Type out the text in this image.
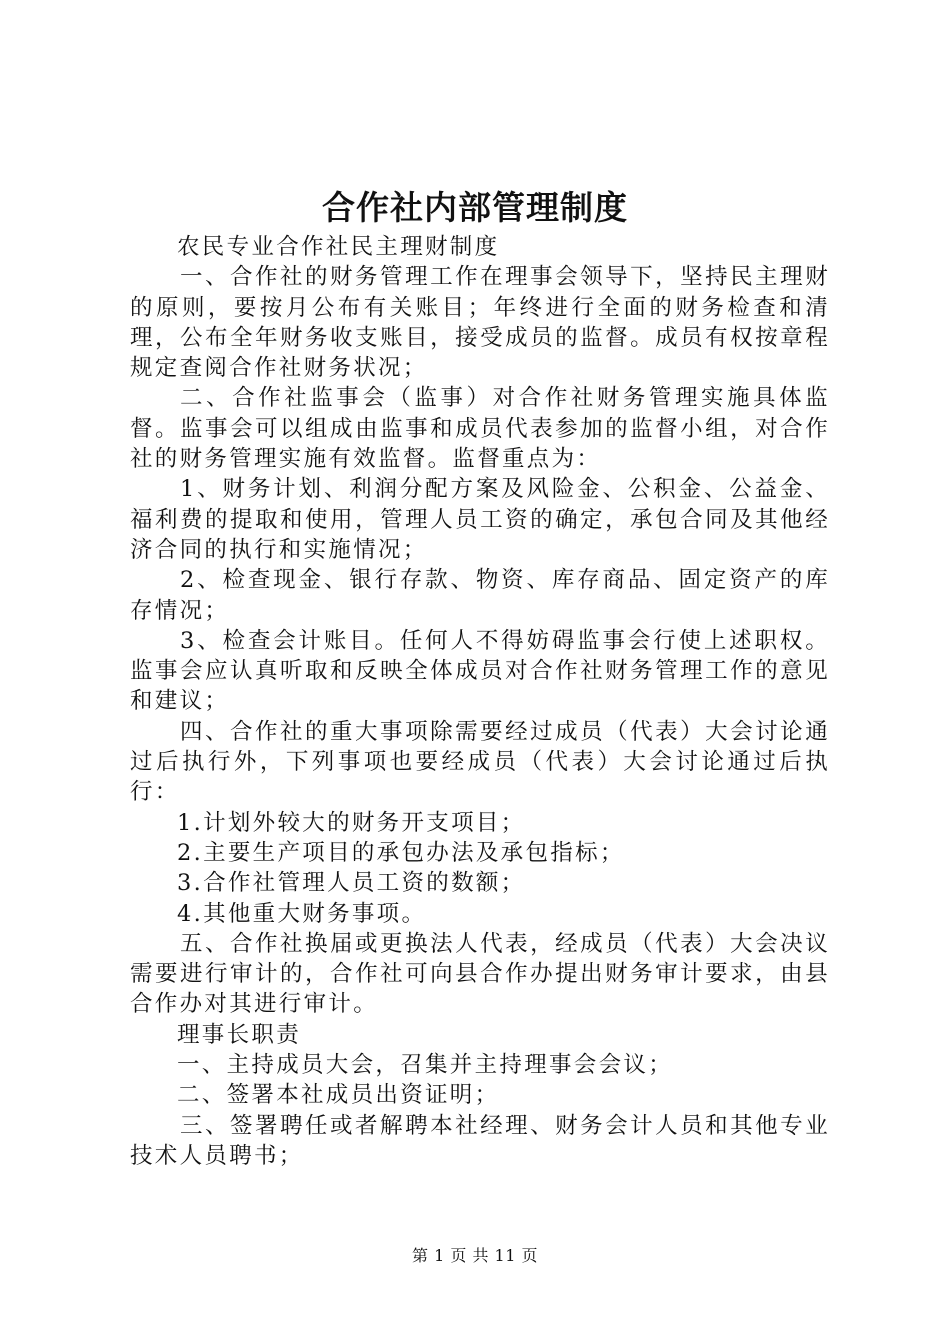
合作社内部管理制度

农民专业合作社民主理财制度

一、合作社的财务管理工作在理事会领导下，坚持民主理财的原则，要按月公布有关账目；年终进行全面的财务检查和清理，公布全年财务收支账目，接受成员的监督。成员有权按章程规定查阅合作社财务状况；

二、合作社监事会（监事）对合作社财务管理实施具体监督。监事会可以组成由监事和成员代表参加的监督小组，对合作社的财务管理实施有效监督。监督重点为：

1、财务计划、利润分配方案及风险金、公积金、公益金、福利费的提取和使用，管理人员工资的确定，承包合同及其他经济合同的执行和实施情况；

2、检查现金、银行存款、物资、库存商品、固定资产的库存情况；

3、检查会计账目。任何人不得妨碍监事会行使上述职权。监事会应认真听取和反映全体成员对合作社财务管理工作的意见和建议；

四、合作社的重大事项除需要经过成员（代表）大会讨论通过后执行外，下列事项也要经成员（代表）大会讨论通过后执行：

1.计划外较大的财务开支项目；

2.主要生产项目的承包办法及承包指标；

3.合作社管理人员工资的数额；

4.其他重大财务事项。

五、合作社换届或更换法人代表，经成员（代表）大会决议需要进行审计的，合作社可向县合作办提出财务审计要求，由县合作办对其进行审计。

理事长职责

一、主持成员大会，召集并主持理事会会议；

二、签署本社成员出资证明；

三、签署聘任或者解聘本社经理、财务会计人员和其他专业技术人员聘书；

第 1 页 共 11 页
